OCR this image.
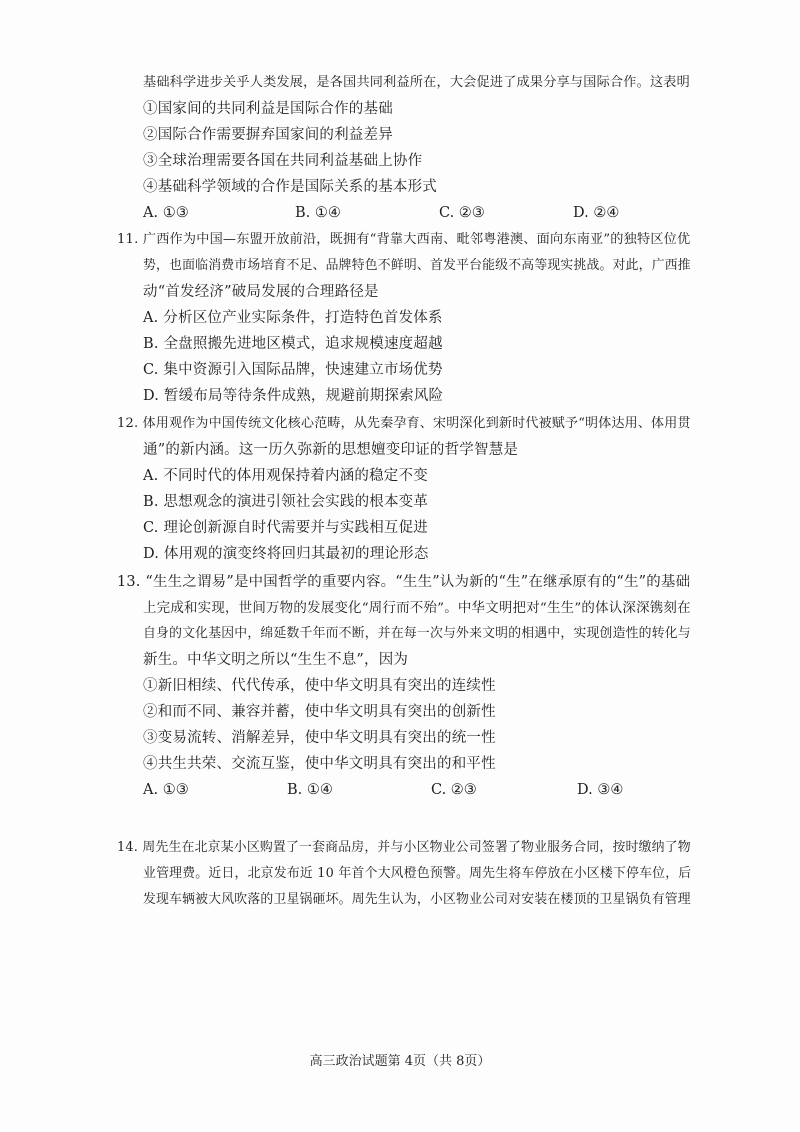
基础科学进步关乎人类发展，是各国共同利益所在，大会促进了成果分享与国际合作。这表明
①国家间的共同利益是国际合作的基础
②国际合作需要摒弃国家间的利益差异
③全球治理需要各国在共同利益基础上协作
④基础科学领域的合作是国际关系的基本形式
A. ①③	B. ①④	C. ②③	D. ②④
11. 广西作为中国—东盟开放前沿，既拥有“背靠大西南、毗邻粤港澳、面向东南亚”的独特区位优
势，也面临消费市场培育不足、品牌特色不鲜明、首发平台能级不高等现实挑战。对此，广西推
动“首发经济”破局发展的合理路径是
A. 分析区位产业实际条件，打造特色首发体系
B. 全盘照搬先进地区模式，追求规模速度超越
C. 集中资源引入国际品牌，快速建立市场优势
D. 暂缓布局等待条件成熟，规避前期探索风险
12. 体用观作为中国传统文化核心范畴，从先秦孕育、宋明深化到新时代被赋予“明体达用、体用贯
通”的新内涵。这一历久弥新的思想嬗变印证的哲学智慧是
A. 不同时代的体用观保持着内涵的稳定不变
B. 思想观念的演进引领社会实践的根本变革
C. 理论创新源自时代需要并与实践相互促进
D. 体用观的演变终将回归其最初的理论形态
13. “生生之谓易”是中国哲学的重要内容。“生生”认为新的“生”在继承原有的“生”的基础
上完成和实现，世间万物的发展变化“周行而不殆”。中华文明把对“生生”的体认深深镌刻在
自身的文化基因中，绵延数千年而不断，并在每一次与外来文明的相遇中，实现创造性的转化与
新生。中华文明之所以“生生不息”，因为
①新旧相续、代代传承，使中华文明具有突出的连续性
②和而不同、兼容并蓄，使中华文明具有突出的创新性
③变易流转、消解差异，使中华文明具有突出的统一性
④共生共荣、交流互鉴，使中华文明具有突出的和平性
A. ①③	B. ①④	C. ②③	D. ③④
14. 周先生在北京某小区购置了一套商品房，并与小区物业公司签署了物业服务合同，按时缴纳了物
业管理费。近日，北京发布近 10 年首个大风橙色预警。周先生将车停放在小区楼下停车位，后
发现车辆被大风吹落的卫星锅砸坏。周先生认为，小区物业公司对安装在楼顶的卫星锅负有管理
高三政治试题第 4页（共 8页）
